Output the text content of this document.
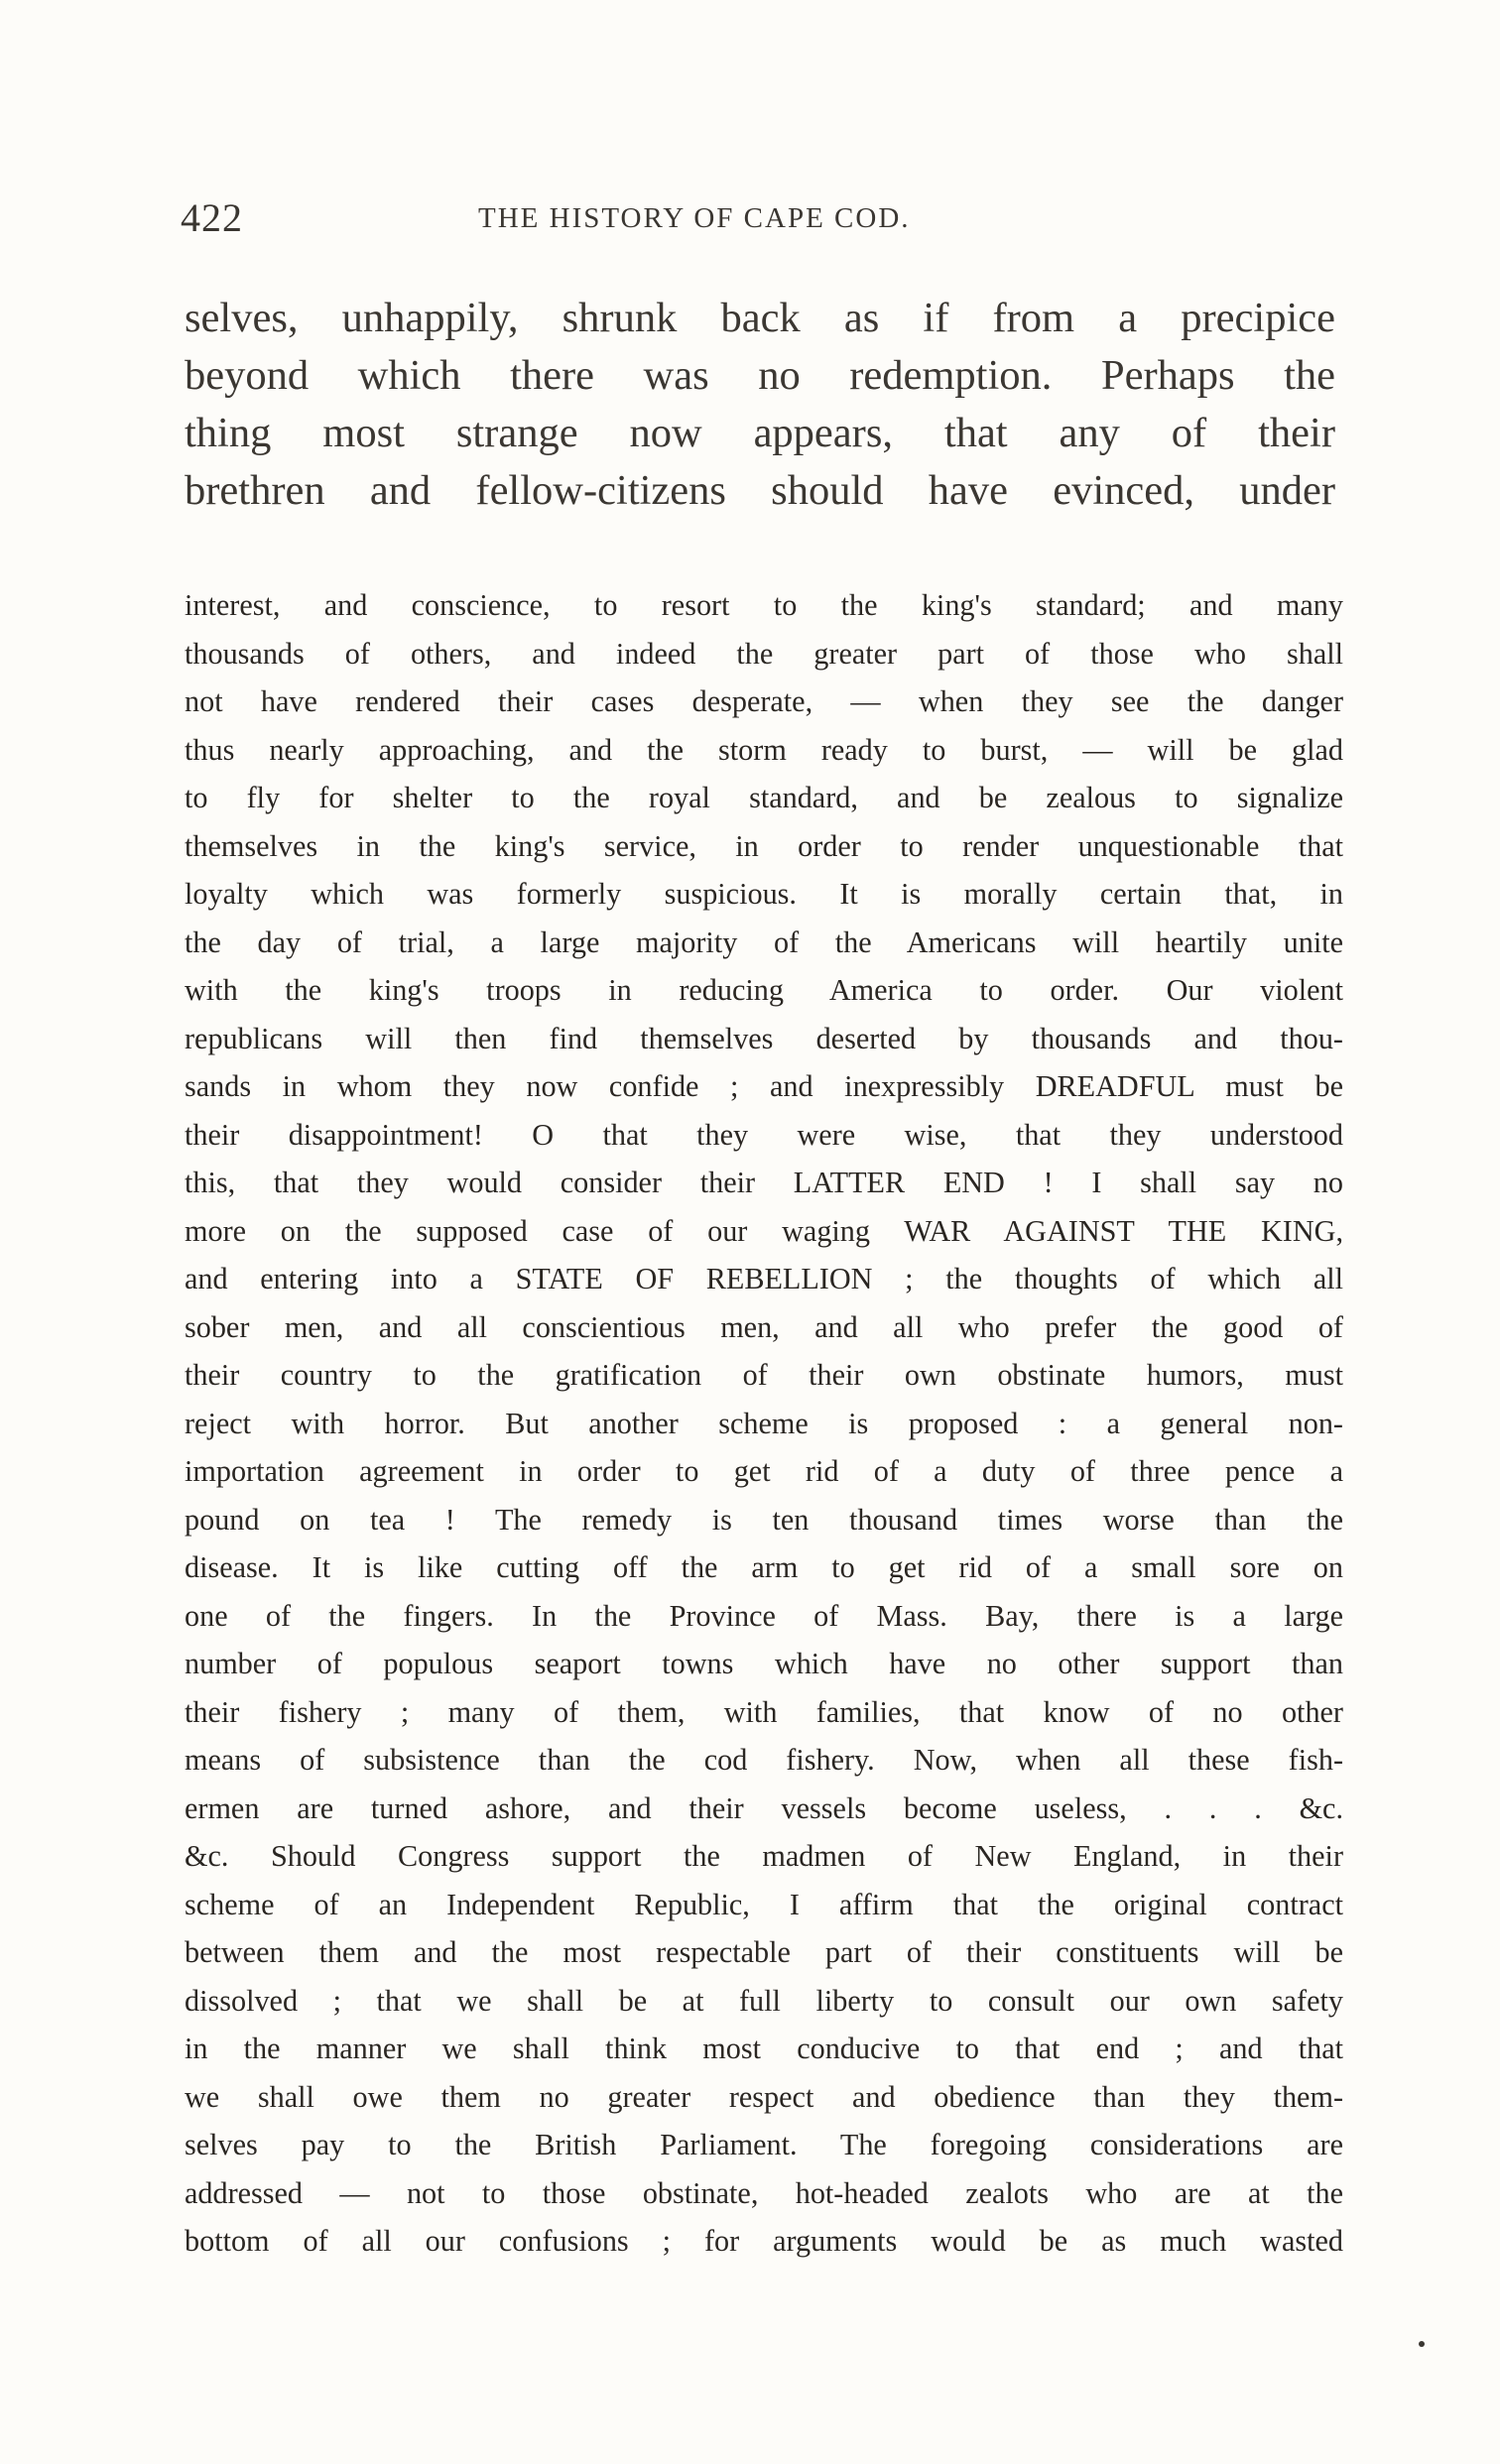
422	THE HISTORY OF CAPE COD.
selves, unhappily, shrunk back as if from a precipice
beyond which there was no redemption. Perhaps the
thing most strange now appears, that any of their
brethren and fellow-citizens should have evinced, under
interest, and conscience, to resort to the king's standard; and many
thousands of others, and indeed the greater part of those who shall
not have rendered their cases desperate, — when they see the danger
thus nearly approaching, and the storm ready to burst, — will be glad
to fly for shelter to the royal standard, and be zealous to signalize
themselves in the king's service, in order to render unquestionable that
loyalty which was formerly suspicious. It is morally certain that, in
the day of trial, a large majority of the Americans will heartily unite
with the king's troops in reducing America to order. Our violent
republicans will then find themselves deserted by thousands and thou-
sands in whom they now confide ; and inexpressibly DREADFUL must be
their disappointment! O that they were wise, that they understood
this, that they would consider their LATTER END ! I shall say no
more on the supposed case of our waging WAR AGAINST THE KING,
and entering into a STATE OF REBELLION ; the thoughts of which all
sober men, and all conscientious men, and all who prefer the good of
their country to the gratification of their own obstinate humors, must
reject with horror. But another scheme is proposed : a general non-
importation agreement in order to get rid of a duty of three pence a
pound on tea ! The remedy is ten thousand times worse than the
disease. It is like cutting off the arm to get rid of a small sore on
one of the fingers. In the Province of Mass. Bay, there is a large
number of populous seaport towns which have no other support than
their fishery ; many of them, with families, that know of no other
means of subsistence than the cod fishery. Now, when all these fish-
ermen are turned ashore, and their vessels become useless, . . . &c.
&c. Should Congress support the madmen of New England, in their
scheme of an Independent Republic, I affirm that the original contract
between them and the most respectable part of their constituents will be
dissolved ; that we shall be at full liberty to consult our own safety
in the manner we shall think most conducive to that end ; and that
we shall owe them no greater respect and obedience than they them-
selves pay to the British Parliament. The foregoing considerations are
addressed — not to those obstinate, hot-headed zealots who are at the
bottom of all our confusions ; for arguments would be as much wasted
